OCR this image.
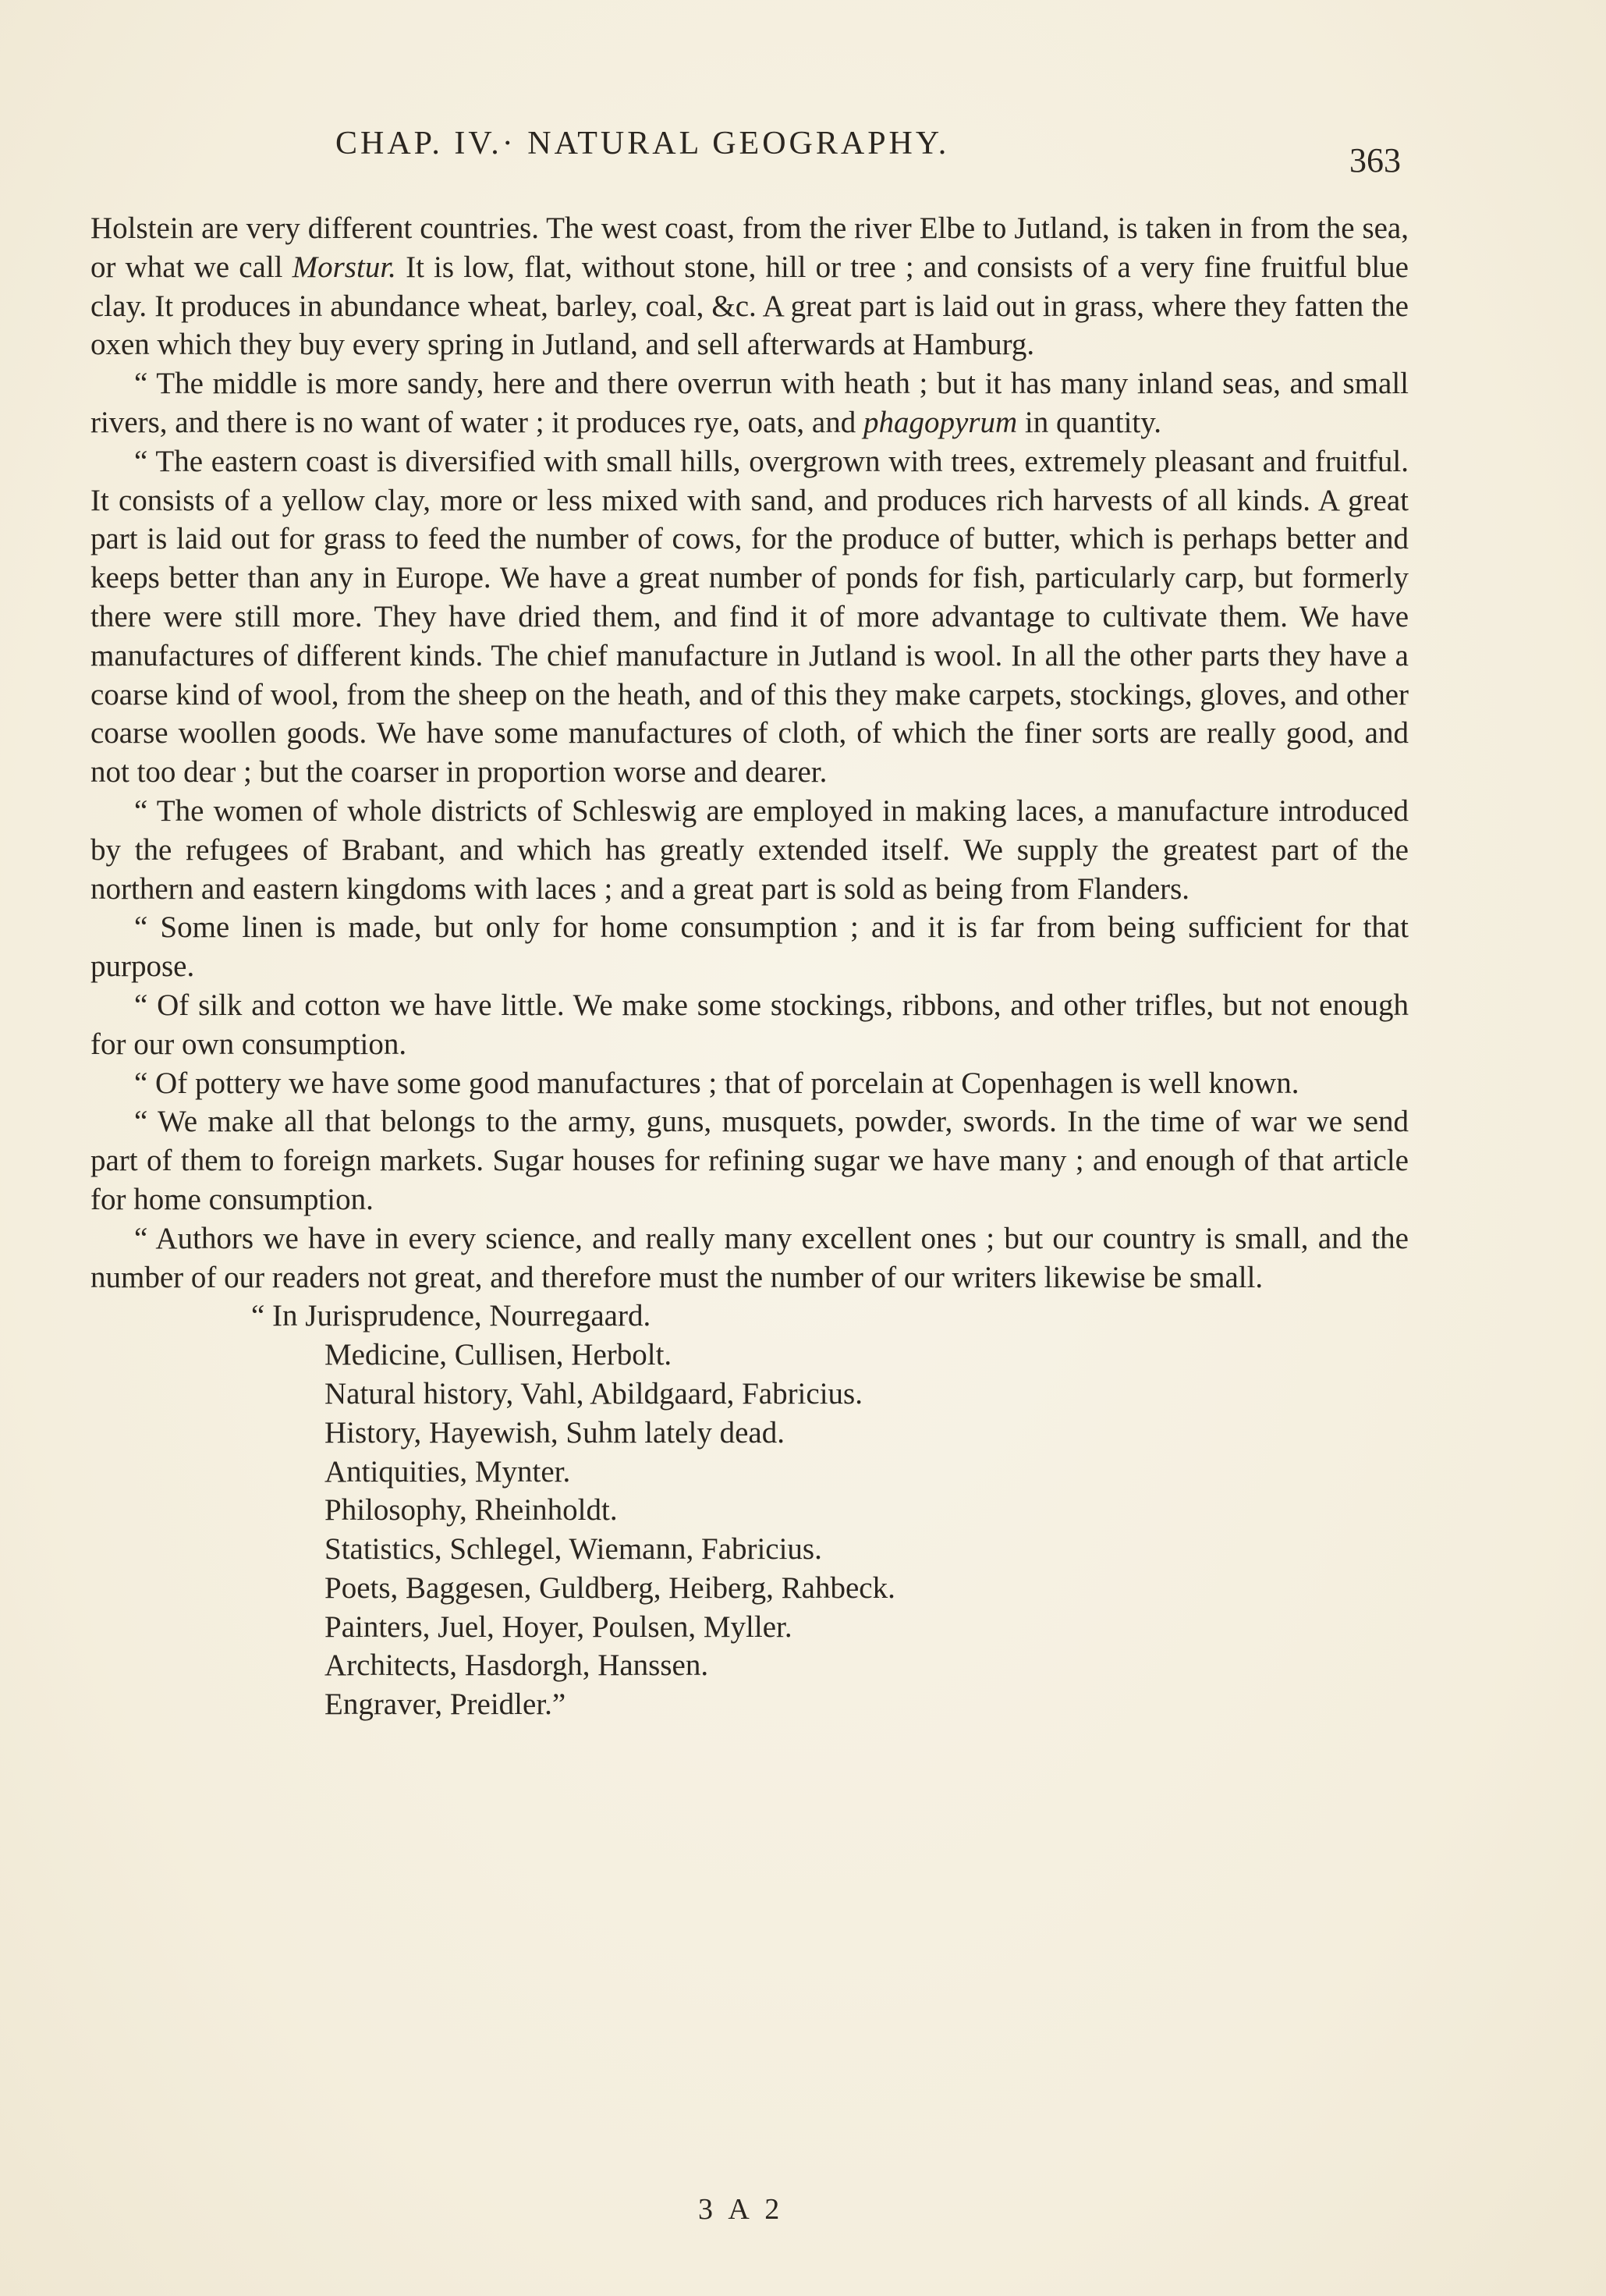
CHAP. IV.· NATURAL GEOGRAPHY.	363

Holstein are very different countries. The west coast, from the river Elbe to Jutland, is taken in from the sea, or what we call Morstur. It is low, flat, without stone, hill or tree ; and consists of a very fine fruitful blue clay. It produces in abundance wheat, barley, coal, &c. A great part is laid out in grass, where they fatten the oxen which they buy every spring in Jutland, and sell afterwards at Hamburg.

“ The middle is more sandy, here and there overrun with heath ; but it has many inland seas, and small rivers, and there is no want of water ; it produces rye, oats, and phagopyrum in quantity.

“ The eastern coast is diversified with small hills, overgrown with trees, extremely pleasant and fruitful. It consists of a yellow clay, more or less mixed with sand, and produces rich harvests of all kinds. A great part is laid out for grass to feed the number of cows, for the produce of butter, which is perhaps better and keeps better than any in Europe. We have a great number of ponds for fish, particularly carp, but formerly there were still more. They have dried them, and find it of more advantage to cultivate them. We have manufactures of different kinds. The chief manufacture in Jutland is wool. In all the other parts they have a coarse kind of wool, from the sheep on the heath, and of this they make carpets, stockings, gloves, and other coarse woollen goods. We have some manufactures of cloth, of which the finer sorts are really good, and not too dear ; but the coarser in proportion worse and dearer.

“ The women of whole districts of Schleswig are employed in making laces, a manufacture introduced by the refugees of Brabant, and which has greatly extended itself. We supply the greatest part of the northern and eastern kingdoms with laces ; and a great part is sold as being from Flanders.

“ Some linen is made, but only for home consumption ; and it is far from being sufficient for that purpose.

“ Of silk and cotton we have little. We make some stockings, ribbons, and other trifles, but not enough for our own consumption.

“ Of pottery we have some good manufactures ; that of porcelain at Copenhagen is well known.

“ We make all that belongs to the army, guns, musquets, powder, swords. In the time of war we send part of them to foreign markets. Sugar houses for refining sugar we have many ; and enough of that article for home consumption.

“ Authors we have in every science, and really many excellent ones ; but our country is small, and the number of our readers not great, and therefore must the number of our writers likewise be small.

“ In Jurisprudence, Nourregaard.
Medicine, Cullisen, Herbolt.
Natural history, Vahl, Abildgaard, Fabricius.
History, Hayewish, Suhm lately dead.
Antiquities, Mynter.
Philosophy, Rheinholdt.
Statistics, Schlegel, Wiemann, Fabricius.
Poets, Baggesen, Guldberg, Heiberg, Rahbeck.
Painters, Juel, Hoyer, Poulsen, Myller.
Architects, Hasdorgh, Hanssen.
Engraver, Preidler.”
3 A 2
